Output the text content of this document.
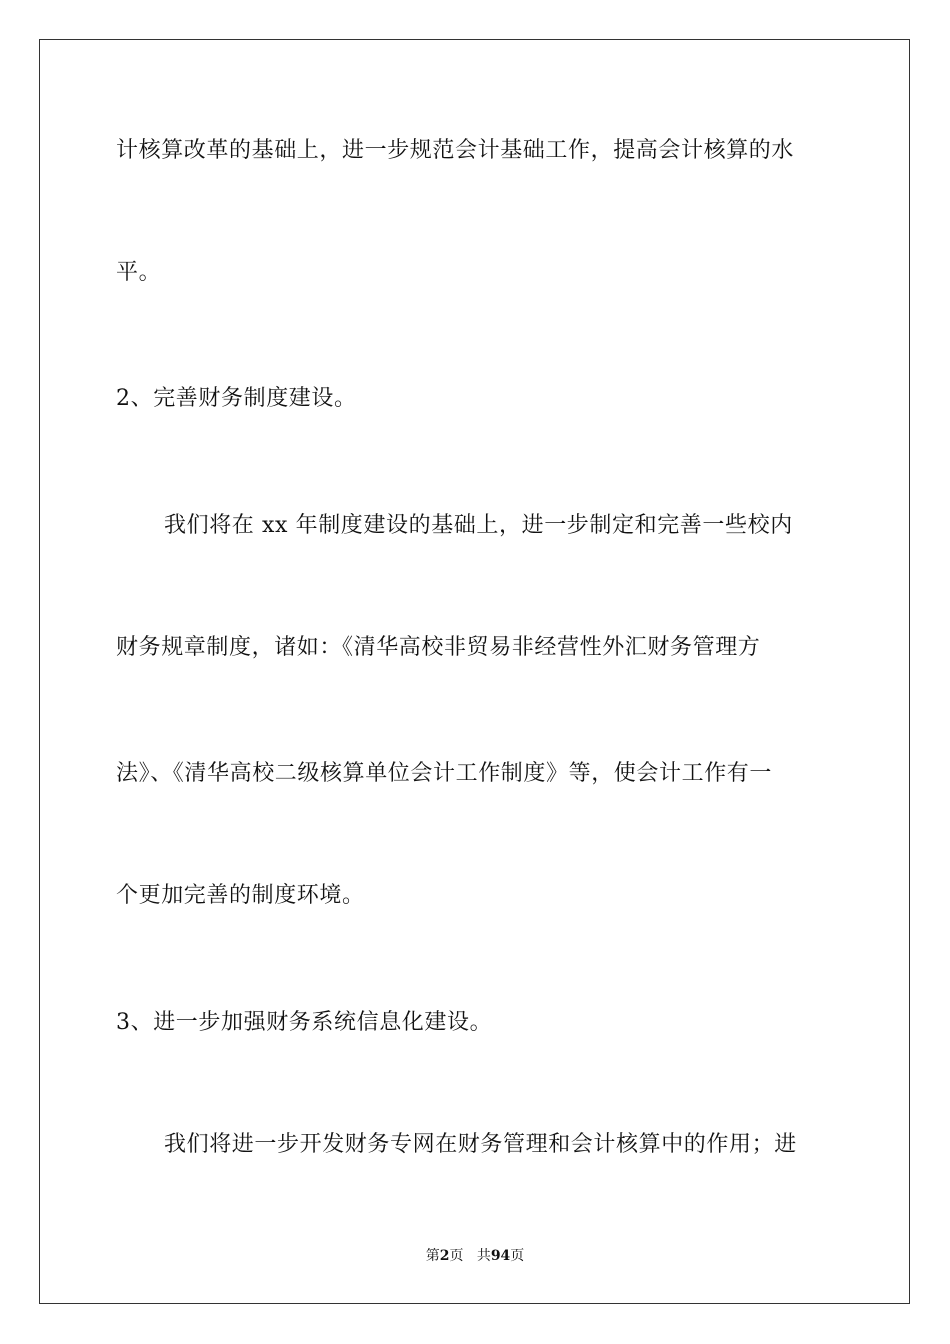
计核算改革的基础上，进一步规范会计基础工作，提高会计核算的水
平。
2、完善财务制度建设。
我们将在 xx 年制度建设的基础上，进一步制定和完善一些校内
财务规章制度，诸如：《清华高校非贸易非经营性外汇财务管理方
法》、《清华高校二级核算单位会计工作制度》等，使会计工作有一
个更加完善的制度环境。
3、进一步加强财务系统信息化建设。
我们将进一步开发财务专网在财务管理和会计核算中的作用；进
第2页 共94页
